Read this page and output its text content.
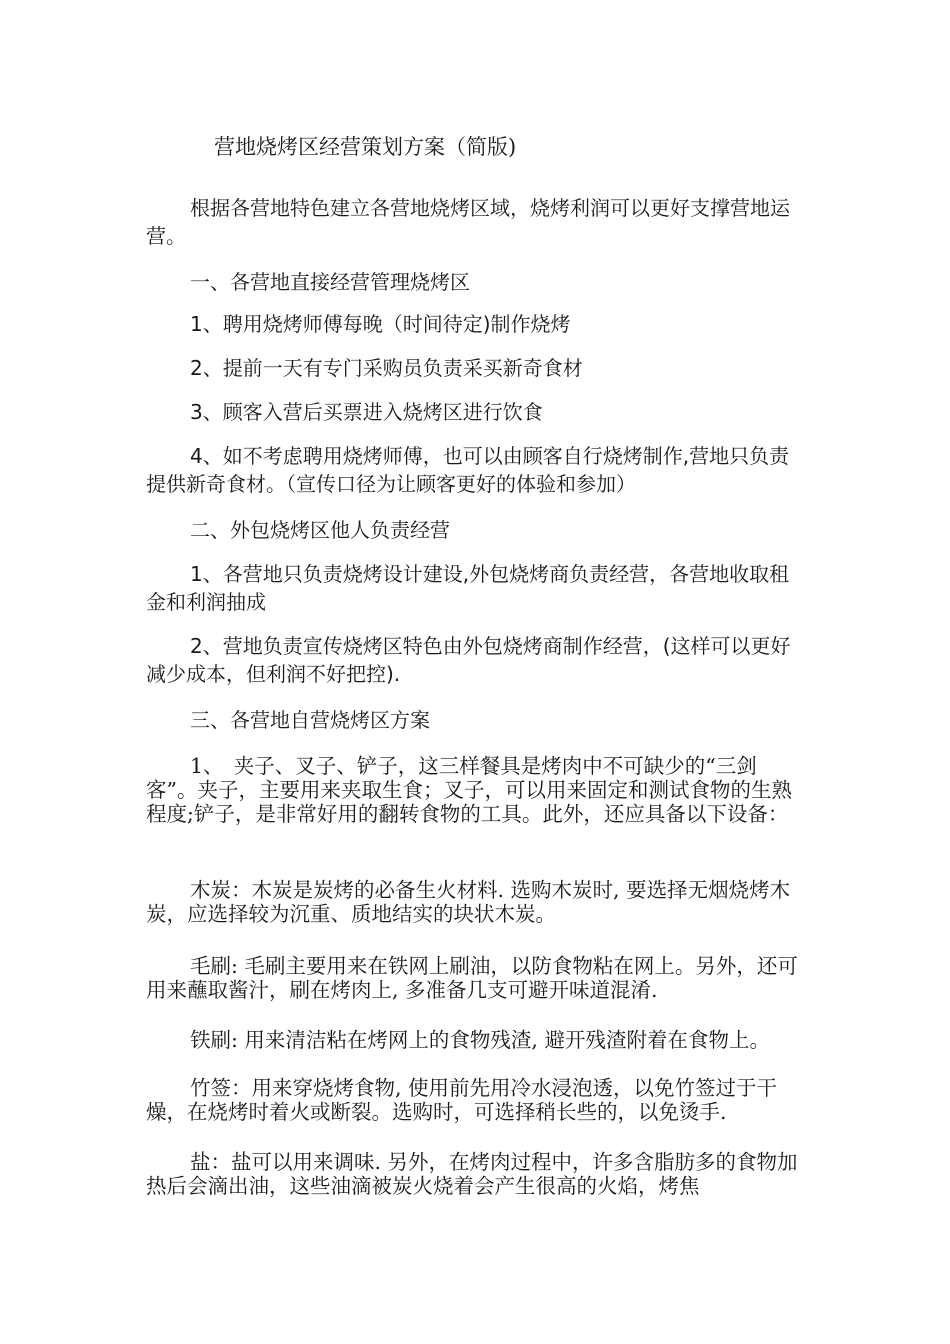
营地烧烤区经营策划方案（简版)

根据各营地特色建立各营地烧烤区域，烧烤利润可以更好支撑营地运营。

一、各营地直接经营管理烧烤区

1、聘用烧烤师傅每晚（时间待定)制作烧烤

2、提前一天有专门采购员负责采买新奇食材

3、顾客入营后买票进入烧烤区进行饮食

4、如不考虑聘用烧烤师傅，也可以由顾客自行烧烤制作,营地只负责提供新奇食材。（宣传口径为让顾客更好的体验和参加）

二、外包烧烤区他人负责经营

1、各营地只负责烧烤设计建设,外包烧烤商负责经营，各营地收取租金和利润抽成

2、营地负责宣传烧烤区特色由外包烧烤商制作经营，(这样可以更好减少成本，但利润不好把控).

三、各营地自营烧烤区方案

1、　夹子、叉子、铲子，这三样餐具是烤肉中不可缺少的“三剑客”。夹子，主要用来夹取生食；叉子，可以用来固定和测试食物的生熟程度;铲子，是非常好用的翻转食物的工具。此外，还应具备以下设备：

木炭：木炭是炭烤的必备生火材料. 选购木炭时, 要选择无烟烧烤木炭，应选择较为沉重、质地结实的块状木炭。

毛刷: 毛刷主要用来在铁网上刷油，以防食物粘在网上。另外，还可用来蘸取酱汁，刷在烤肉上, 多准备几支可避开味道混淆.

铁刷: 用来清洁粘在烤网上的食物残渣, 避开残渣附着在食物上。

竹签：用来穿烧烤食物, 使用前先用冷水浸泡透，以免竹签过于干燥，在烧烤时着火或断裂。选购时，可选择稍长些的，以免烫手.

盐：盐可以用来调味. 另外，在烤肉过程中，许多含脂肪多的食物加热后会滴出油，这些油滴被炭火烧着会产生很高的火焰，烤焦
